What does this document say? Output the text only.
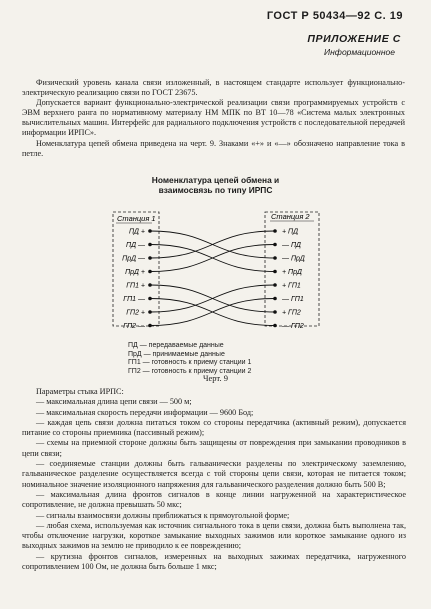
ГОСТ Р 50434—92 С. 19
ПРИЛОЖЕНИЕ С
Информационное

Физический уровень канала связи изложенный, в настоящем стандарте использует функционально-электрическую реализацию связи по ГОСТ 23675.

Допускается вариант функционально-электрической реализации связи программируемых устройств с ЭВМ верхнего ранга по нормативному материалу НМ МПК по ВТ 10—78 «Система малых электронных вычислительных машин. Интерфейс для радиального подключения устройств с последовательной передачей информации ИРПС».

Номенклатура цепей обмена приведена на черт. 9. Знаками «+» и «—» обозначено направление тока в петле.

Номенклатура цепей обмена и
взаимосвязь по типу ИРПС
Станция 1	Станция 2
ПД +
ПД —
ПрД —
ПрД +
ГП1 +
ГП1 —
ГП2 +
ГП2 —
+ ПД
— ПД
— ПрД
+ ПрД
+ ГП1
— ГП1
+ ГП2
— ГП2
ПД — передаваемые данные
ПрД — принимаемые данные
ГП1 — готовность к приему станции 1
ГП2 — готовность к приему станции 2
Черт. 9

Параметры стыка ИРПС:

— максимальная длина цепи связи — 500 м;

— максимальная скорость передачи информации — 9600 Бод;

— каждая цепь связи должна питаться током со стороны передатчика (активный режим), допускается питание со стороны приемника (пассивный режим);

— схемы на приемной стороне должны быть защищены от повреждения при замыкании проводников в цепи связи;

— соединяемые станции должны быть гальванически разделены по электрическому заземлению, гальваническое разделение осуществляется всегда с той стороны цепи связи, которая не питается током; номинальное значение изоляционного напряжения для гальванического разделения должно быть 500 В;

— максимальная длина фронтов сигналов в конце линии нагруженной на характеристическое сопротивление, не должна превышать 50 мкс;

— сигналы взаимосвязи должны приближаться к прямоугольной форме;

— любая схема, используемая как источник сигнального тока в цепи связи, должна быть выполнена так, чтобы отключение нагрузки, короткое замыкание выходных зажимов или короткое замыкание одного из выходных зажимов на землю не приводило к ее повреждению;

— крутизна фронтов сигналов, измеренных на выходных зажимах передатчика, нагруженного сопротивлением 100 Ом, не должна быть больше 1 мкс;
